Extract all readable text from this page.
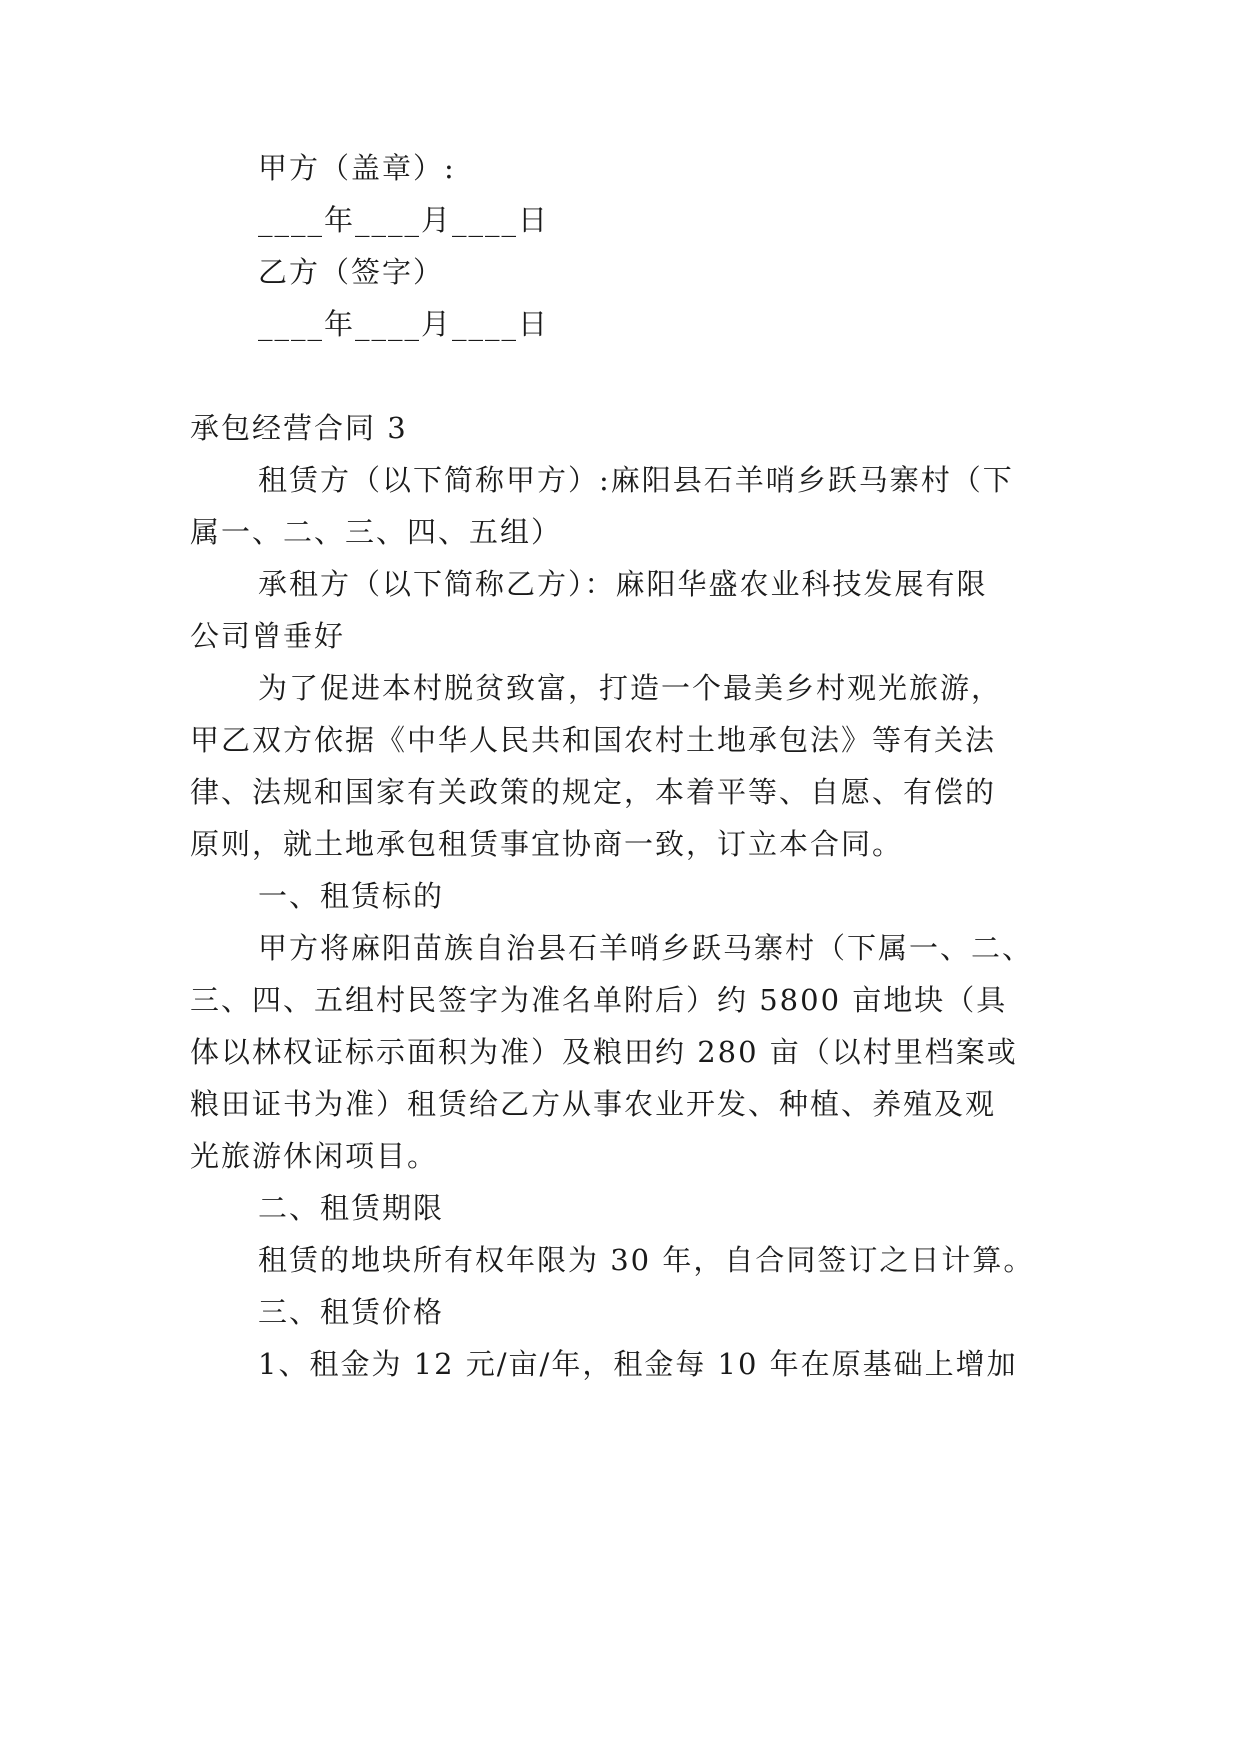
甲方（盖章）:
____年____月____日
乙方（签字）
____年____月____日
承包经营合同 3
租赁方（以下简称甲方）:麻阳县石羊哨乡跃马寨村（下
属一、二、三、四、五组）
承租方（以下简称乙方）：麻阳华盛农业科技发展有限
公司曾垂好
为了促进本村脱贫致富，打造一个最美乡村观光旅游，
甲乙双方依据《中华人民共和国农村土地承包法》等有关法
律、法规和国家有关政策的规定，本着平等、自愿、有偿的
原则，就土地承包租赁事宜协商一致，订立本合同。
一、租赁标的
甲方将麻阳苗族自治县石羊哨乡跃马寨村（下属一、二、
三、四、五组村民签字为准名单附后）约 5800 亩地块（具
体以林权证标示面积为准）及粮田约 280 亩（以村里档案或
粮田证书为准）租赁给乙方从事农业开发、种植、养殖及观
光旅游休闲项目。
二、租赁期限
租赁的地块所有权年限为 30 年，自合同签订之日计算。
三、租赁价格
1、租金为 12 元/亩/年，租金每 10 年在原基础上增加
